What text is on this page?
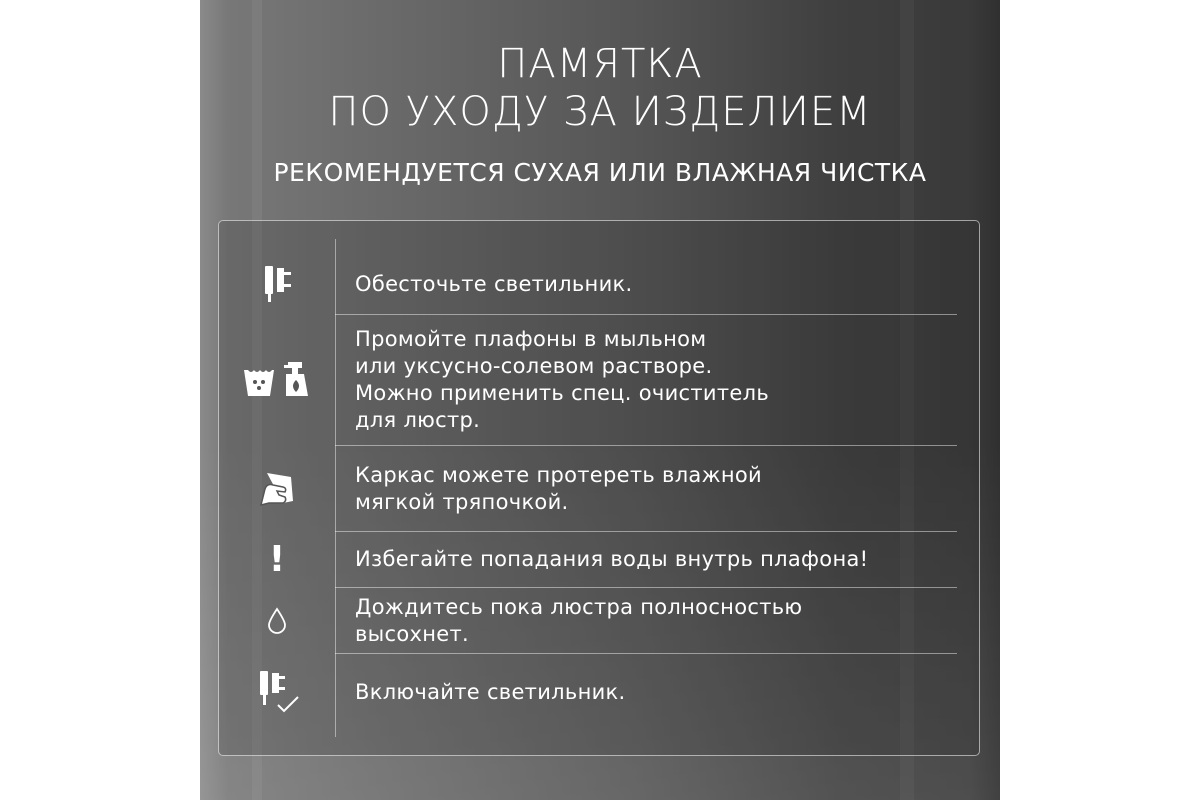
ПАМЯТКА
ПО УХОДУ ЗА ИЗДЕЛИЕМ
РЕКОМЕНДУЕТСЯ СУХАЯ ИЛИ ВЛАЖНАЯ ЧИСТКА
Обесточьте светильник.
Промойте плафоны в мыльном
или уксусно-солевом растворе.
Можно применить спец. очиститель
для люстр.
Каркас можете протереть влажной
мягкой тряпочкой.
!	Избегайте попадания воды внутрь плафона!
Дождитесь пока люстра полносностью
высохнет.
Включайте светильник.
